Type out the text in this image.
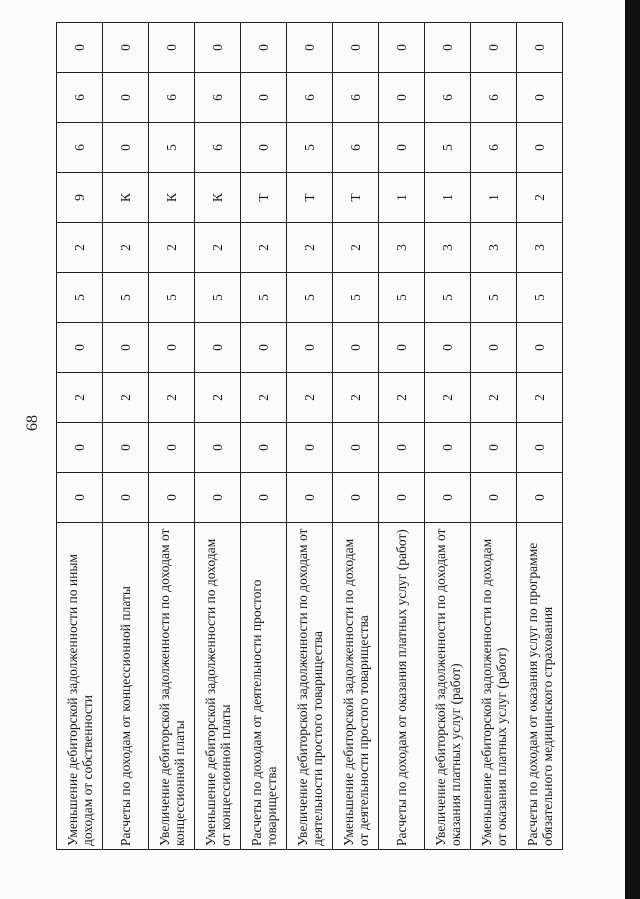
68
Уменьшение дебиторской задолженности по иным доходам от собственности	0	0	2	0	5	2	9	6	6	0
Расчеты по доходам от концессионной платы	0	0	2	0	5	2	К	0	0	0
Увеличение дебиторской задолженности по доходам от концессионной платы	0	0	2	0	5	2	К	5	6	0
Уменьшение дебиторской задолженности по доходам от концессионной платы	0	0	2	0	5	2	К	6	6	0
Расчеты по доходам от деятельности простого товарищества	0	0	2	0	5	2	Т	0	0	0
Увеличение дебиторской задолженности по доходам от деятельности простого товарищества	0	0	2	0	5	2	Т	5	6	0
Уменьшение дебиторской задолженности по доходам от деятельности простого товарищества	0	0	2	0	5	2	Т	6	6	0
Расчеты по доходам от оказания платных услуг (работ)	0	0	2	0	5	3	1	0	0	0
Увеличение дебиторской задолженности по доходам от оказания платных услуг (работ)	0	0	2	0	5	3	1	5	6	0
Уменьшение дебиторской задолженности по доходам от оказания платных услуг (работ)	0	0	2	0	5	3	1	6	6	0
Расчеты по доходам от оказания услуг по программе обязательного медицинского страхования	0	0	2	0	5	3	2	0	0	0
